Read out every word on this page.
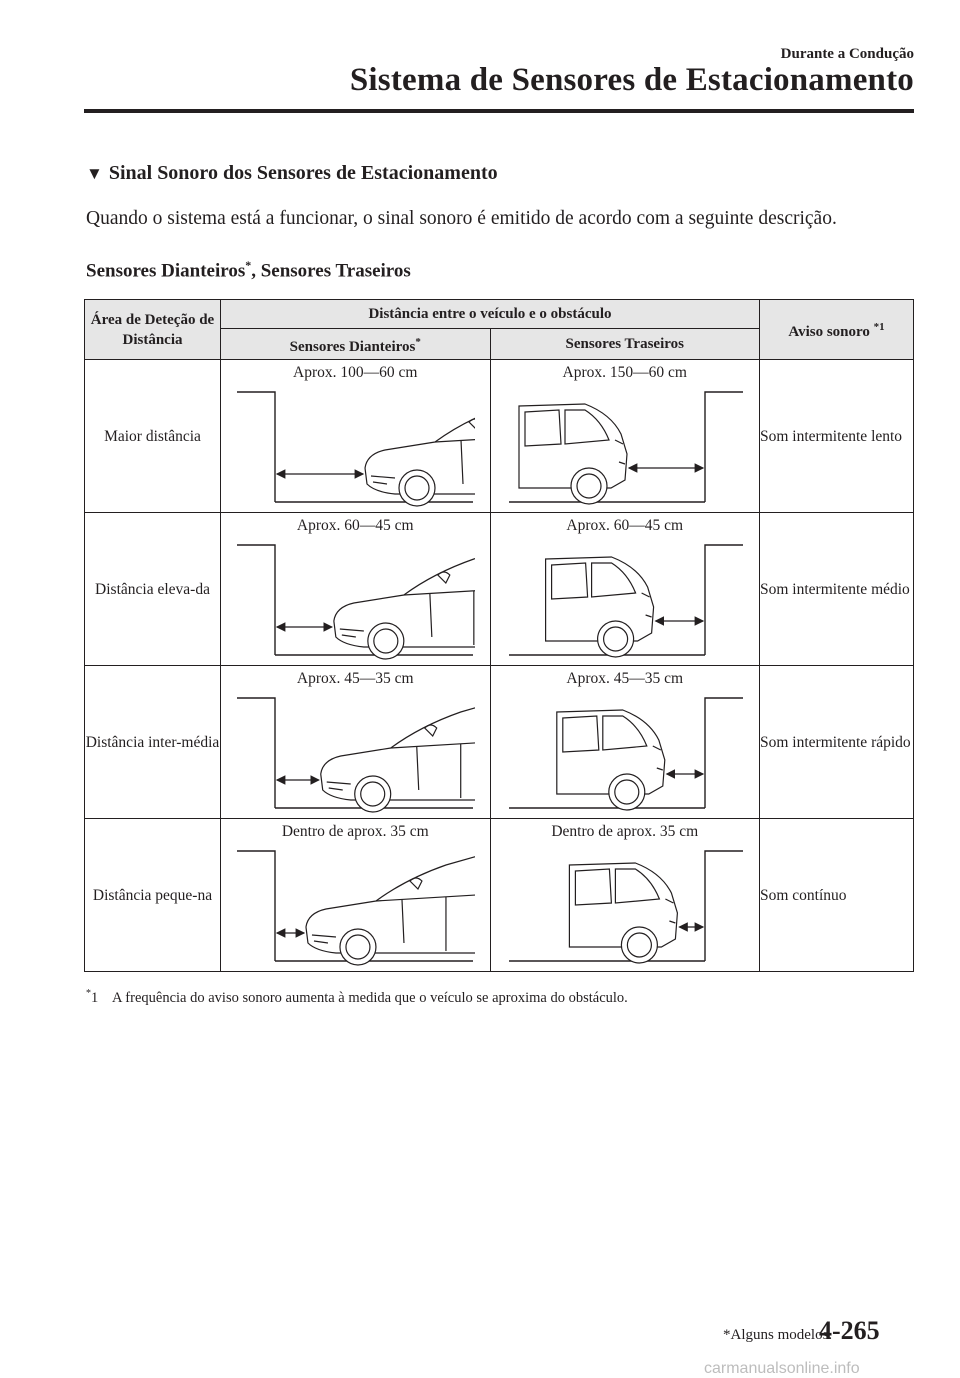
Durante a Condução
Sistema de Sensores de Estacionamento
▼ Sinal Sonoro dos Sensores de Estacionamento
Quando o sistema está a funcionar, o sinal sonoro é emitido de acordo com a seguinte descrição.
Sensores Dianteiros*, Sensores Traseiros
Área de Deteção de Distância	Distância entre o veículo e o obstáculo		Aviso sonoro $^{*1}$
	Sensores Dianteiros*	Sensores Traseiros	
Maior distância	Aprox. 100—60 cm	Aprox. 150—60 cm	Som intermitente lento
Distância eleva-da	Aprox. 60—45 cm	Aprox. 60—45 cm	Som intermitente médio
Distância inter-média	Aprox. 45—35 cm	Aprox. 45—35 cm	Som intermitente rápido
Distância peque-na	Dentro de aprox. 35 cm	Dentro de aprox. 35 cm	Som contínuo
*1 A frequência do aviso sonoro aumenta à medida que o veículo se aproxima do obstáculo.
*Alguns modelos.
4-265
carmanualsonline.info
